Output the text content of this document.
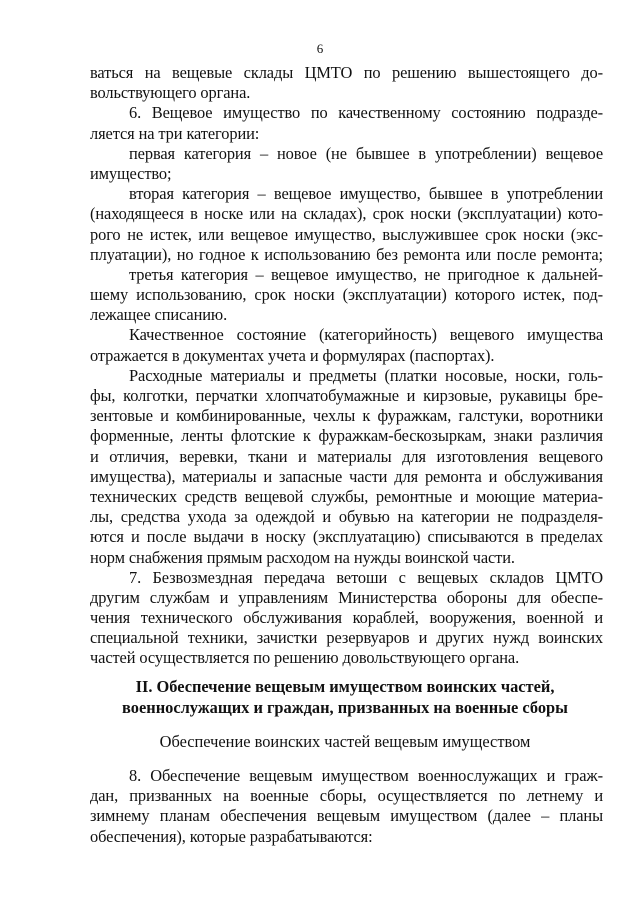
6
ваться на вещевые склады ЦМТО по решению вышестоящего до-
вольствующего органа.
6. Вещевое имущество по качественному состоянию подразде-
ляется на три категории:
первая категория – новое (не бывшее в употреблении) вещевое
имущество;
вторая категория – вещевое имущество, бывшее в употреблении
(находящееся в носке или на складах), срок носки (эксплуатации) кото-
рого не истек, или вещевое имущество, выслужившее срок носки (экс-
плуатации), но годное к использованию без ремонта или после ремонта;
третья категория – вещевое имущество, не пригодное к дальней-
шему использованию, срок носки (эксплуатации) которого истек, под-
лежащее списанию.
Качественное состояние (категорийность) вещевого имущества
отражается в документах учета и формулярах (паспортах).
Расходные материалы и предметы (платки носовые, носки, голь-
фы, колготки, перчатки хлопчатобумажные и кирзовые, рукавицы бре-
зентовые и комбинированные, чехлы к фуражкам, галстуки, воротники
форменные, ленты флотские к фуражкам-бескозыркам, знаки различия
и отличия, веревки, ткани и материалы для изготовления вещевого
имущества), материалы и запасные части для ремонта и обслуживания
технических средств вещевой службы, ремонтные и моющие материа-
лы, средства ухода за одеждой и обувью на категории не подразделя-
ются и после выдачи в носку (эксплуатацию) списываются в пределах
норм снабжения прямым расходом на нужды воинской части.
7. Безвозмездная передача ветоши с вещевых складов ЦМТО
другим службам и управлениям Министерства обороны для обеспе-
чения технического обслуживания кораблей, вооружения, военной и
специальной техники, зачистки резервуаров и других нужд воинских
частей осуществляется по решению довольствующего органа.
II. Обеспечение вещевым имуществом воинских частей,
военнослужащих и граждан, призванных на военные сборы
Обеспечение воинских частей вещевым имуществом
8. Обеспечение вещевым имуществом военнослужащих и граж-
дан, призванных на военные сборы, осуществляется по летнему и
зимнему планам обеспечения вещевым имуществом (далее – планы
обеспечения), которые разрабатываются:
